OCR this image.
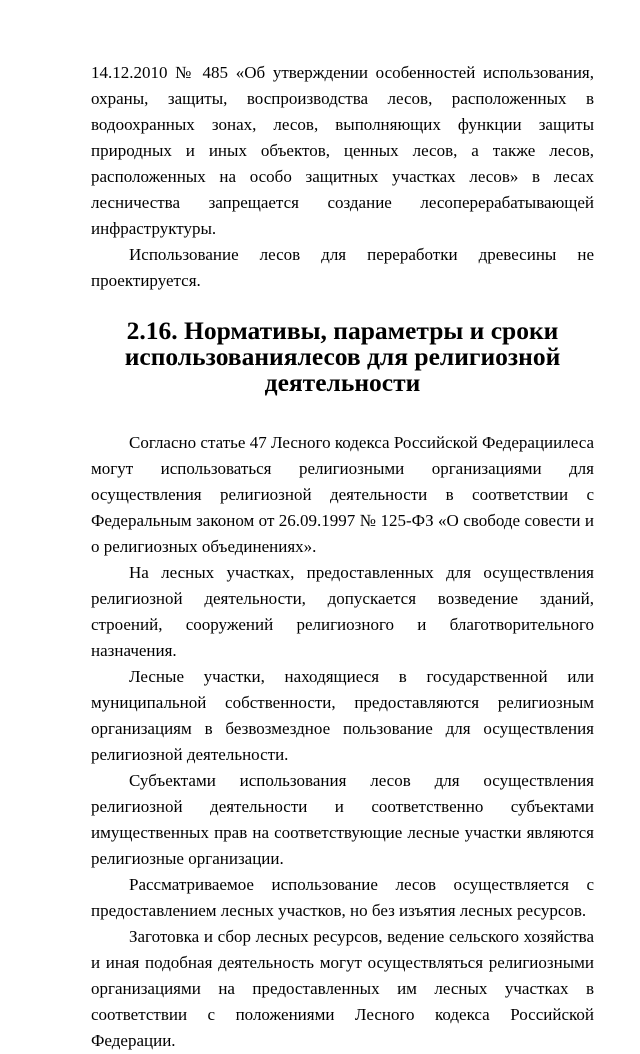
14.12.2010 № 485 «Об утверждении особенностей использования, охраны, защиты, воспроизводства лесов, расположенных в водоохранных зонах, лесов, выполняющих функции защиты природных и иных объектов, ценных лесов, а также лесов, расположенных на особо защитных участках лесов» в лесах лесничества запрещается создание лесоперерабатывающей инфраструктуры.

Использование лесов для переработки древесины не проектируется.

2.16. Нормативы, параметры и сроки использованиялесов для религиозной деятельности

Согласно статье 47 Лесного кодекса Российской Федерациилеса могут использоваться религиозными организациями для осуществления религиозной деятельности в соответствии с Федеральным законом от 26.09.1997 № 125-ФЗ «О свободе совести и о религиозных объединениях».

На лесных участках, предоставленных для осуществления религиозной деятельности, допускается возведение зданий, строений, сооружений религиозного и благотворительного назначения.

Лесные участки, находящиеся в государственной или муниципальной собственности, предоставляются религиозным организациям в безвозмездное пользование для осуществления религиозной деятельности.

Субъектами использования лесов для осуществления религиозной деятельности и соответственно субъектами имущественных прав на соответствующие лесные участки являются религиозные организации.

Рассматриваемое использование лесов осуществляется с предоставлением лесных участков, но без изъятия лесных ресурсов.

Заготовка и сбор лесных ресурсов, ведение сельского хозяйства и иная подобная деятельность могут осуществляться религиозными организациями на предоставленных им лесных участках в соответствии с положениями Лесного кодекса Российской Федерации.
